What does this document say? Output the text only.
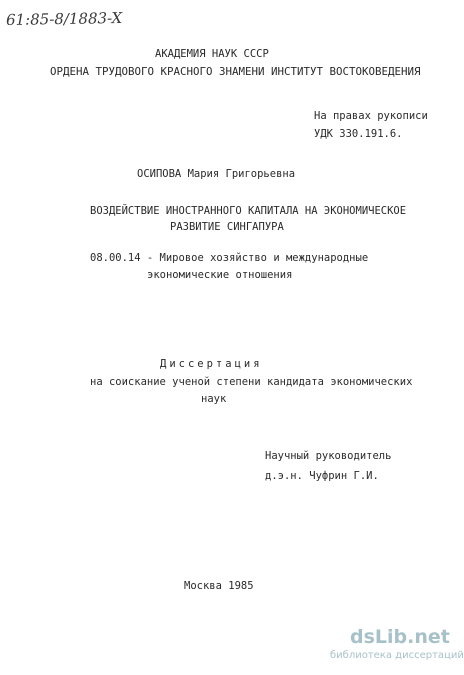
61:85-8/1883-X
АКАДЕМИЯ НАУК СССР
ОРДЕНА ТРУДОВОГО КРАСНОГО ЗНАМЕНИ ИНСТИТУТ ВОСТОКОВЕДЕНИЯ
На правах рукописи
УДК 330.191.6.
ОСИПОВА Мария Григорьевна
ВОЗДЕЙСТВИЕ ИНОСТРАННОГО КАПИТАЛА НА ЭКОНОМИЧЕСКОЕ
РАЗВИТИЕ СИНГАПУРА
08.00.14 - Мировое хозяйство и международные
экономические отношения
Диссертация
на соискание ученой степени кандидата экономических
наук
Научный руководитель
д.э.н. Чуфрин Г.И.
Москва 1985
dsLib.net
библиотека диссертаций
